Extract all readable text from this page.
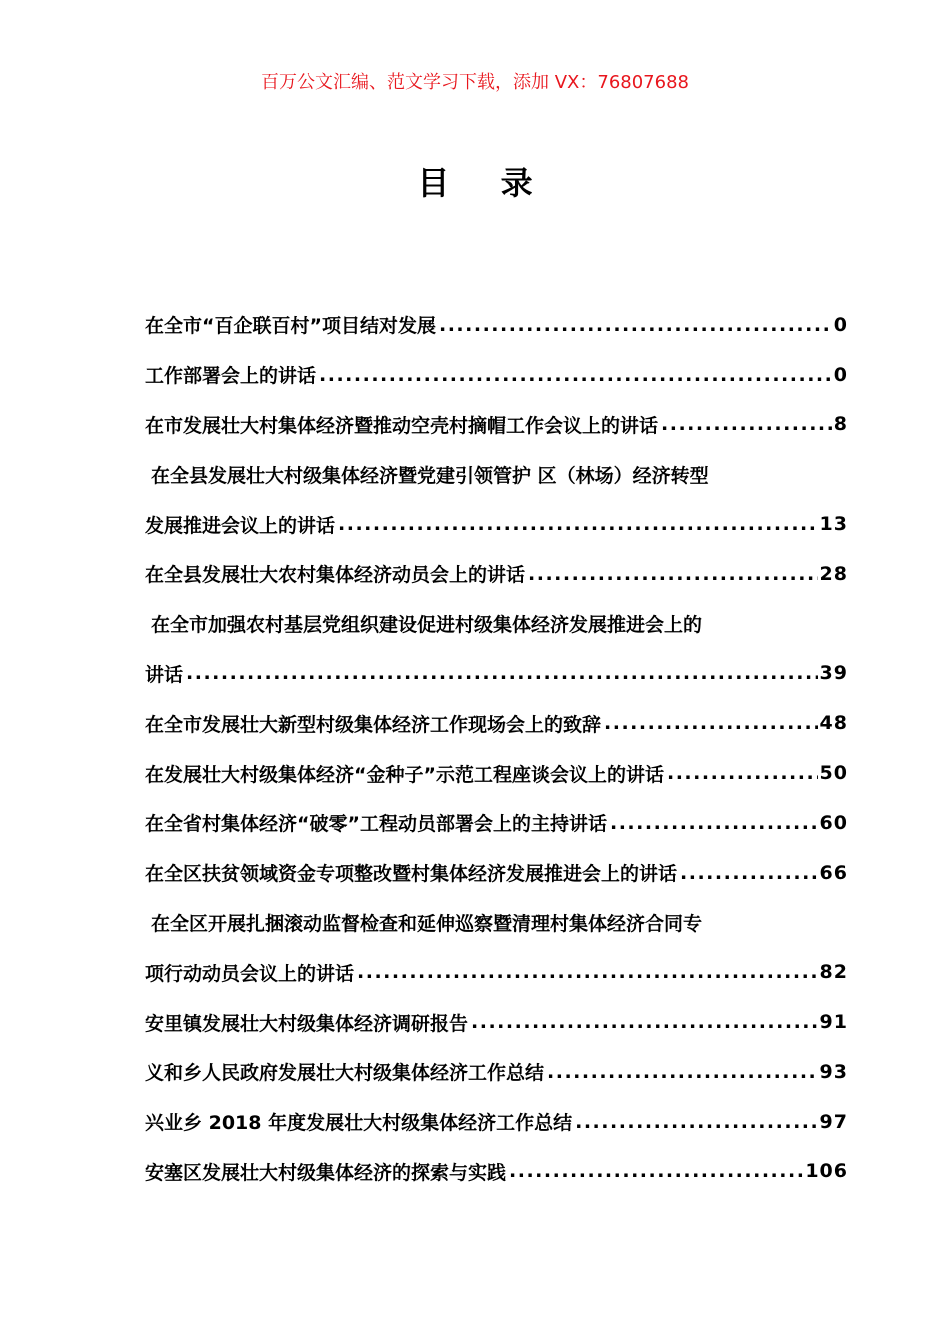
百万公文汇编、范文学习下载，添加 VX：76807688
目 录
在全市“百企联百村”项目结对发展 .....	0
工作部署会上的讲话 .....	0
在市发展壮大村集体经济暨推动空壳村摘帽工作会议上的讲话 .....	8
在全县发展壮大村级集体经济暨党建引领管护 区（林场）经济转型
发展推进会议上的讲话 .....	13
在全县发展壮大农村集体经济动员会上的讲话 .....	28
在全市加强农村基层党组织建设促进村级集体经济发展推进会上的
讲话 .....	39
在全市发展壮大新型村级集体经济工作现场会上的致辞 .....	48
在发展壮大村级集体经济“金种子”示范工程座谈会议上的讲话 .....	50
在全省村集体经济“破零”工程动员部署会上的主持讲话 .....	60
在全区扶贫领域资金专项整改暨村集体经济发展推进会上的讲话 .....	66
在全区开展扎捆滚动监督检查和延伸巡察暨清理村集体经济合同专
项行动动员会议上的讲话 .....	82
安里镇发展壮大村级集体经济调研报告 .....	91
义和乡人民政府发展壮大村级集体经济工作总结 .....	93
兴业乡 2018 年度发展壮大村级集体经济工作总结 .....	97
安塞区发展壮大村级集体经济的探索与实践 .....	106
